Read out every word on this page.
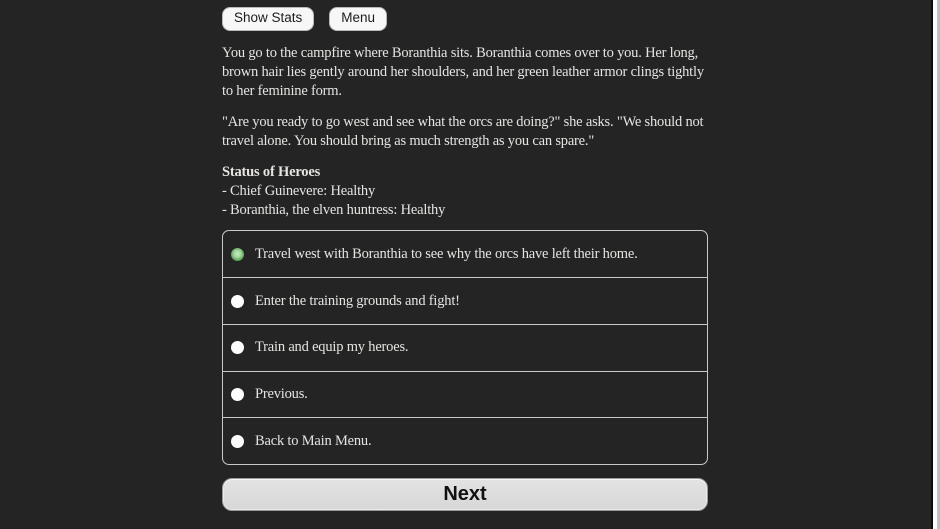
Show Stats	Menu

You go to the campfire where Boranthia sits. Boranthia comes over to you. Her long, brown hair lies gently around her shoulders, and her green leather armor clings tightly to her feminine form.

"Are you ready to go west and see what the orcs are doing?" she asks. "We should not travel alone. You should bring as much strength as you can spare."

Status of Heroes
- Chief Guinevere: Healthy
- Boranthia, the elven huntress: Healthy
Travel west with Boranthia to see why the orcs have left their home.
Enter the training grounds and fight!
Train and equip my heroes.
Previous.
Back to Main Menu.
Next
